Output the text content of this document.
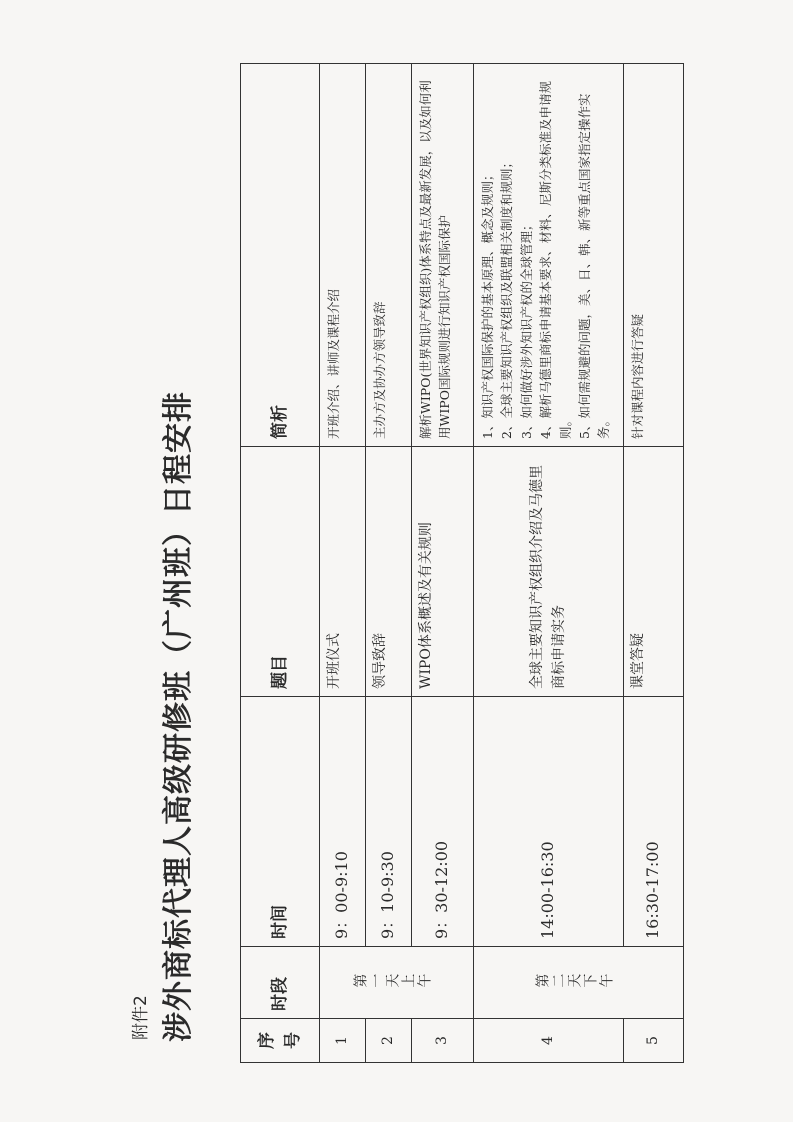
附件2 涉外商标代理人高级研修班（广州班）日程安排	序 号	时段	时间	题目	简析
1	第一天上午	9：00-9:10	开班仪式	开班介绍、讲师及课程介绍
2		9：10-9:30	领导致辞	主办方及协办方领导致辞
3		9：30-12:00	WIPO体系概述及有关规则	解析WIPO(世界知识产权组织)体系特点及最新发展，以及如何利用WIPO国际规则进行知识产权国际保护
4	第二天下午	14:00-16:30	全球主要知识产权组织介绍及马德里商标申请实务	1、知识产权国际保护的基本原理、概念及规则； 2、全球主要知识产权组织及联盟相关制度和规则； 3、如何做好涉外知识产权的全球管理； 4、解析马德里商标申请基本要求、材料、尼斯分类标准及申请规则。 5、如何需规避的问题，美、日、韩、新等重点国家指定操作实务。

5		16:30-17:00	课堂答疑	针对课程内容进行答疑
